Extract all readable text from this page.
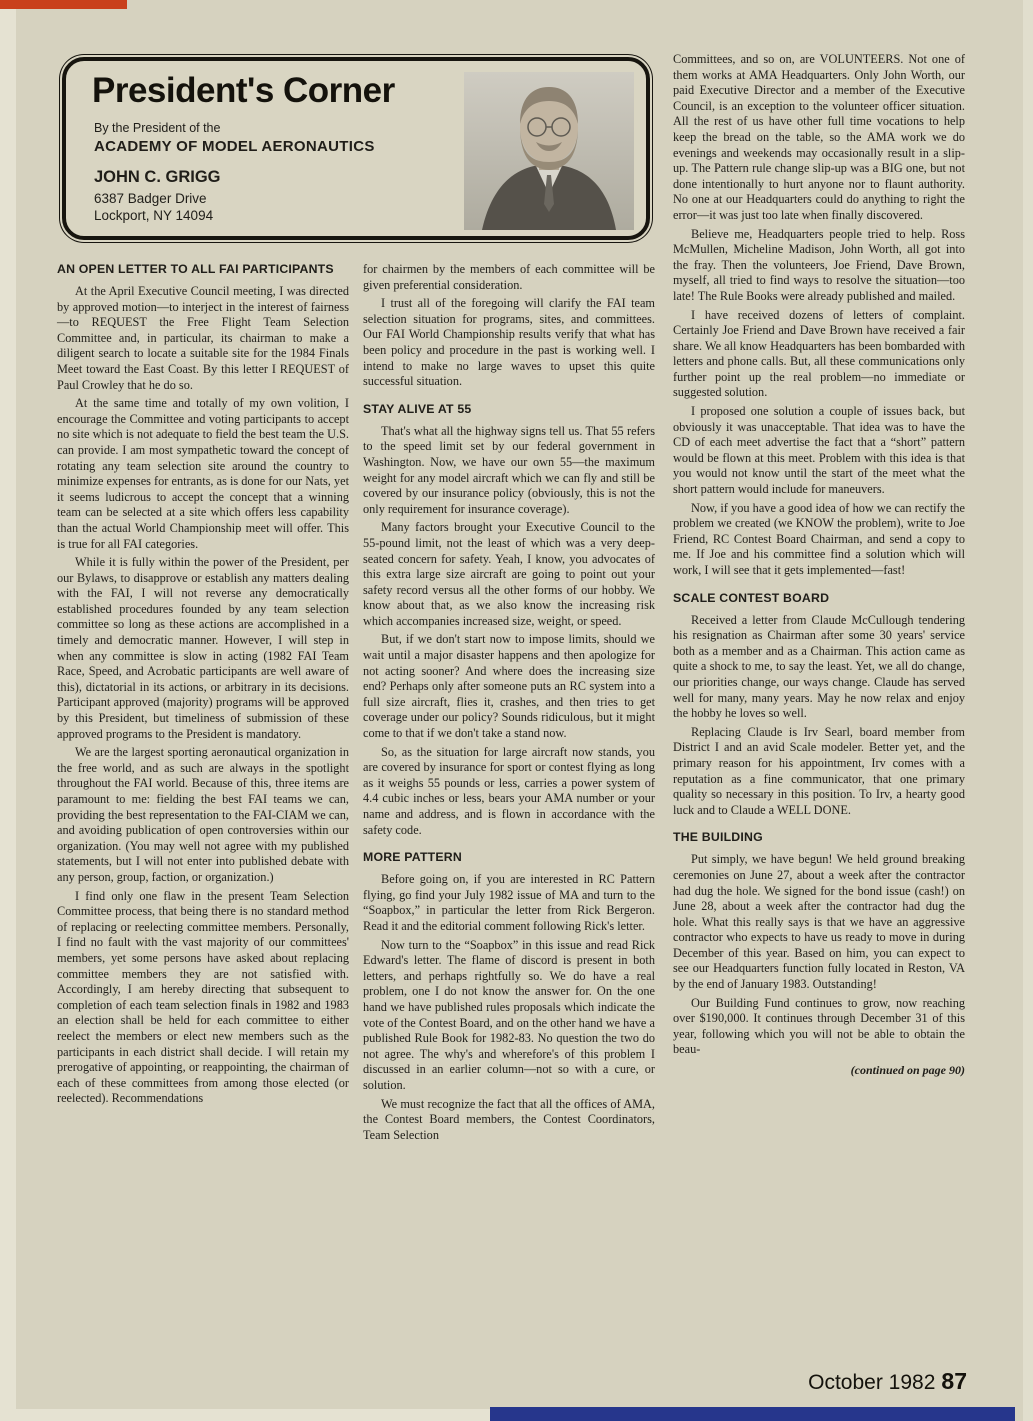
President's Corner
By the President of the
ACADEMY OF MODEL AERONAUTICS
JOHN C. GRIGG
6387 Badger Drive
Lockport, NY 14094
AN OPEN LETTER TO ALL FAI PARTICIPANTS

At the April Executive Council meeting, I was directed by approved motion—to interject in the interest of fairness—to REQUEST the Free Flight Team Selection Committee and, in particular, its chairman to make a diligent search to locate a suitable site for the 1984 Finals Meet toward the East Coast. By this letter I REQUEST of Paul Crowley that he do so.

At the same time and totally of my own volition, I encourage the Committee and voting participants to accept no site which is not adequate to field the best team the U.S. can provide. I am most sympathetic toward the concept of rotating any team selection site around the country to minimize expenses for entrants, as is done for our Nats, yet it seems ludicrous to accept the concept that a winning team can be selected at a site which offers less capability than the actual World Championship meet will offer. This is true for all FAI categories.

While it is fully within the power of the President, per our Bylaws, to disapprove or establish any matters dealing with the FAI, I will not reverse any democratically established procedures founded by any team selection committee so long as these actions are accomplished in a timely and democratic manner. However, I will step in when any committee is slow in acting (1982 FAI Team Race, Speed, and Acrobatic participants are well aware of this), dictatorial in its actions, or arbitrary in its decisions. Participant approved (majority) programs will be approved by this President, but timeliness of submission of these approved programs to the President is mandatory.

We are the largest sporting aeronautical organization in the free world, and as such are always in the spotlight throughout the FAI world. Because of this, three items are paramount to me: fielding the best FAI teams we can, providing the best representation to the FAI-CIAM we can, and avoiding publication of open controversies within our organization. (You may well not agree with my published statements, but I will not enter into published debate with any person, group, faction, or organization.)

I find only one flaw in the present Team Selection Committee process, that being there is no standard method of replacing or reelecting committee members. Personally, I find no fault with the vast majority of our committees' members, yet some persons have asked about replacing committee members they are not satisfied with. Accordingly, I am hereby directing that subsequent to completion of each team selection finals in 1982 and 1983 an election shall be held for each committee to either reelect the members or elect new members such as the participants in each district shall decide. I will retain my prerogative of appointing, or reappointing, the chairman of each of these committees from among those elected (or reelected). Recommendations

for chairmen by the members of each committee will be given preferential consideration.

I trust all of the foregoing will clarify the FAI team selection situation for programs, sites, and committees. Our FAI World Championship results verify that what has been policy and procedure in the past is working well. I intend to make no large waves to upset this quite successful situation.

STAY ALIVE AT 55

That's what all the highway signs tell us. That 55 refers to the speed limit set by our federal government in Washington. Now, we have our own 55—the maximum weight for any model aircraft which we can fly and still be covered by our insurance policy (obviously, this is not the only requirement for insurance coverage).

Many factors brought your Executive Council to the 55-pound limit, not the least of which was a very deep-seated concern for safety. Yeah, I know, you advocates of this extra large size aircraft are going to point out your safety record versus all the other forms of our hobby. We know about that, as we also know the increasing risk which accompanies increased size, weight, or speed.

But, if we don't start now to impose limits, should we wait until a major disaster happens and then apologize for not acting sooner? And where does the increasing size end? Perhaps only after someone puts an RC system into a full size aircraft, flies it, crashes, and then tries to get coverage under our policy? Sounds ridiculous, but it might come to that if we don't take a stand now.

So, as the situation for large aircraft now stands, you are covered by insurance for sport or contest flying as long as it weighs 55 pounds or less, carries a power system of 4.4 cubic inches or less, bears your AMA number or your name and address, and is flown in accordance with the safety code.

MORE PATTERN

Before going on, if you are interested in RC Pattern flying, go find your July 1982 issue of MA and turn to the “Soapbox,” in particular the letter from Rick Bergeron. Read it and the editorial comment following Rick's letter.

Now turn to the “Soapbox” in this issue and read Rick Edward's letter. The flame of discord is present in both letters, and perhaps rightfully so. We do have a real problem, one I do not know the answer for. On the one hand we have published rules proposals which indicate the vote of the Contest Board, and on the other hand we have a published Rule Book for 1982-83. No question the two do not agree. The why's and wherefore's of this problem I discussed in an earlier column—not so with a cure, or solution.

We must recognize the fact that all the offices of AMA, the Contest Board members, the Contest Coordinators, Team Selection

Committees, and so on, are VOLUNTEERS. Not one of them works at AMA Headquarters. Only John Worth, our paid Executive Director and a member of the Executive Council, is an exception to the volunteer officer situation. All the rest of us have other full time vocations to help keep the bread on the table, so the AMA work we do evenings and weekends may occasionally result in a slip-up. The Pattern rule change slip-up was a BIG one, but not done intentionally to hurt anyone nor to flaunt authority. No one at our Headquarters could do anything to right the error—it was just too late when finally discovered.

Believe me, Headquarters people tried to help. Ross McMullen, Micheline Madison, John Worth, all got into the fray. Then the volunteers, Joe Friend, Dave Brown, myself, all tried to find ways to resolve the situation—too late! The Rule Books were already published and mailed.

I have received dozens of letters of complaint. Certainly Joe Friend and Dave Brown have received a fair share. We all know Headquarters has been bombarded with letters and phone calls. But, all these communications only further point up the real problem—no immediate or suggested solution.

I proposed one solution a couple of issues back, but obviously it was unacceptable. That idea was to have the CD of each meet advertise the fact that a “short” pattern would be flown at this meet. Problem with this idea is that you would not know until the start of the meet what the short pattern would include for maneuvers.

Now, if you have a good idea of how we can rectify the problem we created (we KNOW the problem), write to Joe Friend, RC Contest Board Chairman, and send a copy to me. If Joe and his committee find a solution which will work, I will see that it gets implemented—fast!

SCALE CONTEST BOARD

Received a letter from Claude McCullough tendering his resignation as Chairman after some 30 years' service both as a member and as a Chairman. This action came as quite a shock to me, to say the least. Yet, we all do change, our priorities change, our ways change. Claude has served well for many, many years. May he now relax and enjoy the hobby he loves so well.

Replacing Claude is Irv Searl, board member from District I and an avid Scale modeler. Better yet, and the primary reason for his appointment, Irv comes with a reputation as a fine communicator, that one primary quality so necessary in this position. To Irv, a hearty good luck and to Claude a WELL DONE.

THE BUILDING

Put simply, we have begun! We held ground breaking ceremonies on June 27, about a week after the contractor had dug the hole. We signed for the bond issue (cash!) on June 28, about a week after the contractor had dug the hole. What this really says is that we have an aggressive contractor who expects to have us ready to move in during December of this year. Based on him, you can expect to see our Headquarters function fully located in Reston, VA by the end of January 1983. Outstanding!

Our Building Fund continues to grow, now reaching over $190,000. It continues through December 31 of this year, following which you will not be able to obtain the beau-

(continued on page 90)
October 1982 87
